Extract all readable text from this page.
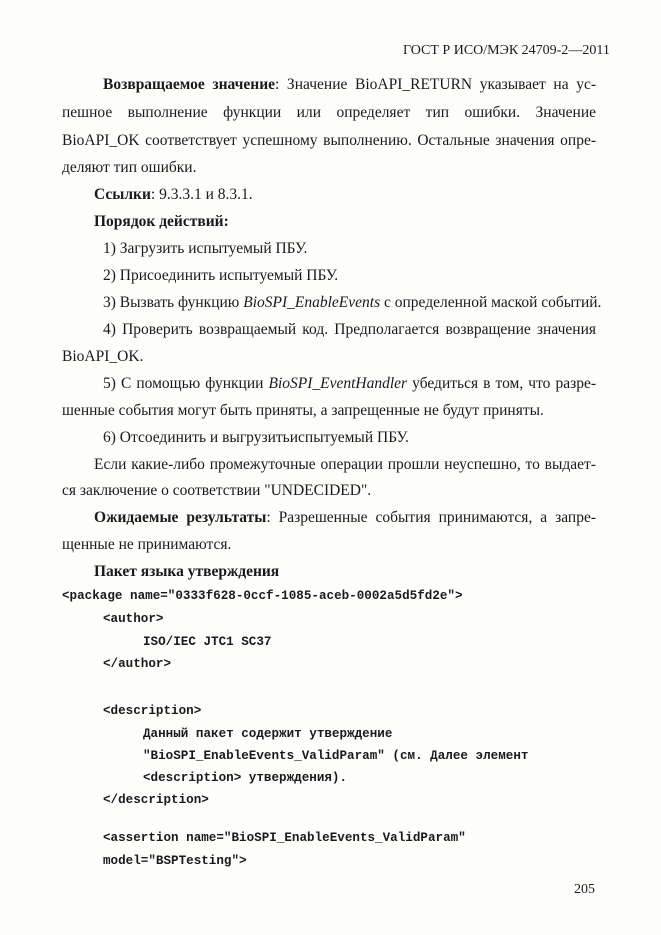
ГОСТ Р ИСО/МЭК 24709-2—2011
Возвращаемое значение: Значение BioAPI_RETURN указывает на ус-
пешное выполнение функции или определяет тип ошибки. Значение
BioAPI_OK соответствует успешному выполнению. Остальные значения опре-
деляют тип ошибки.
Ссылки: 9.3.3.1 и 8.3.1.
Порядок действий:
1) Загрузить испытуемый ПБУ.
2) Присоединить испытуемый ПБУ.
3) Вызвать функцию BioSPI_EnableEvents с определенной маской событий.
4) Проверить возвращаемый код. Предполагается возвращение значения
BioAPI_OK.
5) С помощью функции BioSPI_EventHandler убедиться в том, что разре-
шенные события могут быть приняты, а запрещенные не будут приняты.
6) Отсоединить и выгрузитьиспытуемый ПБУ.
Если какие-либо промежуточные операции прошли неуспешно, то выдает-
ся заключение о соответствии "UNDECIDED".
Ожидаемые результаты: Разрешенные события принимаются, а запре-
щенные не принимаются.
Пакет языка утверждения
<package name="0333f628-0ccf-1085-aceb-0002a5d5fd2e">
<author>
ISO/IEC JTC1 SC37
</author>
<description>
Данный пакет содержит утверждение
"BioSPI_EnableEvents_ValidParam" (см. Далее элемент
<description> утверждения).
</description>
<assertion name="BioSPI_EnableEvents_ValidParam"
model="BSPTesting">
205
